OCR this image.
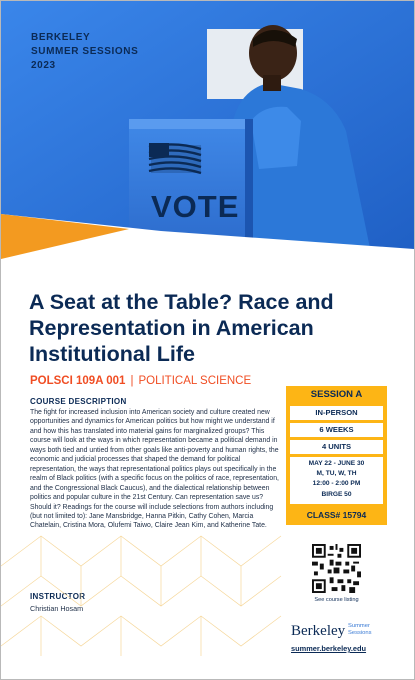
BERKELEY
SUMMER SESSIONS
2023
VOTE
A Seat at the Table? Race and Representation in American Institutional Life
POLSCI 109A 001 | POLITICAL SCIENCE
COURSE DESCRIPTION

The fight for increased inclusion into American society and culture created new opportunities and dynamics for American politics but how might we understand if and how this has translated into material gains for marginalized groups? This course will look at the ways in which representation became a political demand in ways both tied and untied from other goals like anti-poverty and human rights, the economic and judicial processes that shaped the demand for political representation, the ways that representational politics plays out specifically in the realm of Black politics (with a specific focus on the politics of race, representation, and the Congressional Black Caucus), and the dialectical relationship between politics and popular culture in the 21st Century. Can representation save us? Should it? Readings for the course will include selections from authors including (but not limited to): Jane Mansbridge, Hanna Pitkin, Cathy Cohen, Marcia Chatelain, Cristina Mora, Olufemi Taiwo, Claire Jean Kim, and Katherine Tate.

INSTRUCTOR
Christian Hosam
SESSION A
IN-PERSON
6 WEEKS
4 UNITS
MAY 22 - JUNE 30
M, TU, W, TH
12:00 - 2:00 PM
BIRGE 50
CLASS# 15794
See course listing
Berkeley Summer
Sessions
summer.berkeley.edu
